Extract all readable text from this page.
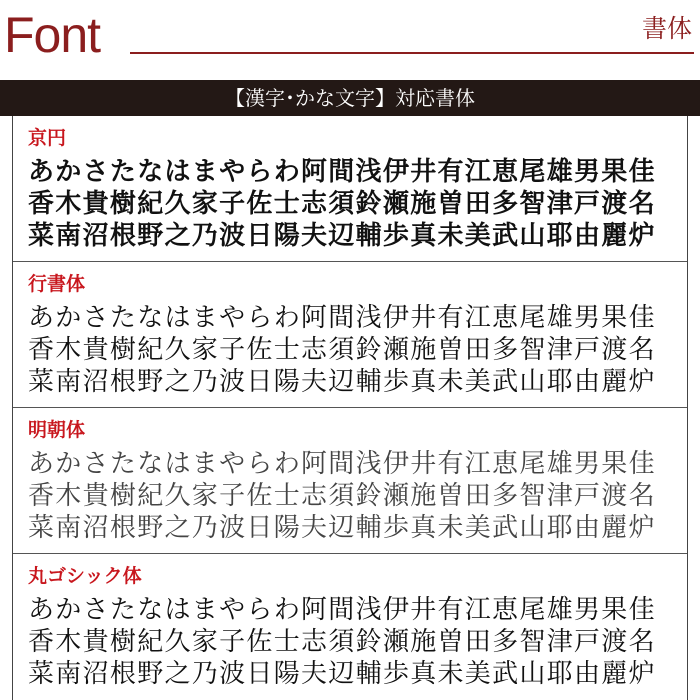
Font	書体
【漢字･かな文字】対応書体
京円
あかさたなはまやらわ阿間浅伊井有江恵尾雄男果佳
香木貴樹紀久家子佐士志須鈴瀬施曽田多智津戸渡名
菜南沼根野之乃波日陽夫辺輔歩真未美武山耶由麗炉
行書体
あかさたなはまやらわ阿間浅伊井有江恵尾雄男果佳
香木貴樹紀久家子佐士志須鈴瀬施曽田多智津戸渡名
菜南沼根野之乃波日陽夫辺輔歩真未美武山耶由麗炉
明朝体
あかさたなはまやらわ阿間浅伊井有江恵尾雄男果佳
香木貴樹紀久家子佐士志須鈴瀬施曽田多智津戸渡名
菜南沼根野之乃波日陽夫辺輔歩真未美武山耶由麗炉
丸ゴシック体
あかさたなはまやらわ阿間浅伊井有江恵尾雄男果佳
香木貴樹紀久家子佐士志須鈴瀬施曽田多智津戸渡名
菜南沼根野之乃波日陽夫辺輔歩真未美武山耶由麗炉
